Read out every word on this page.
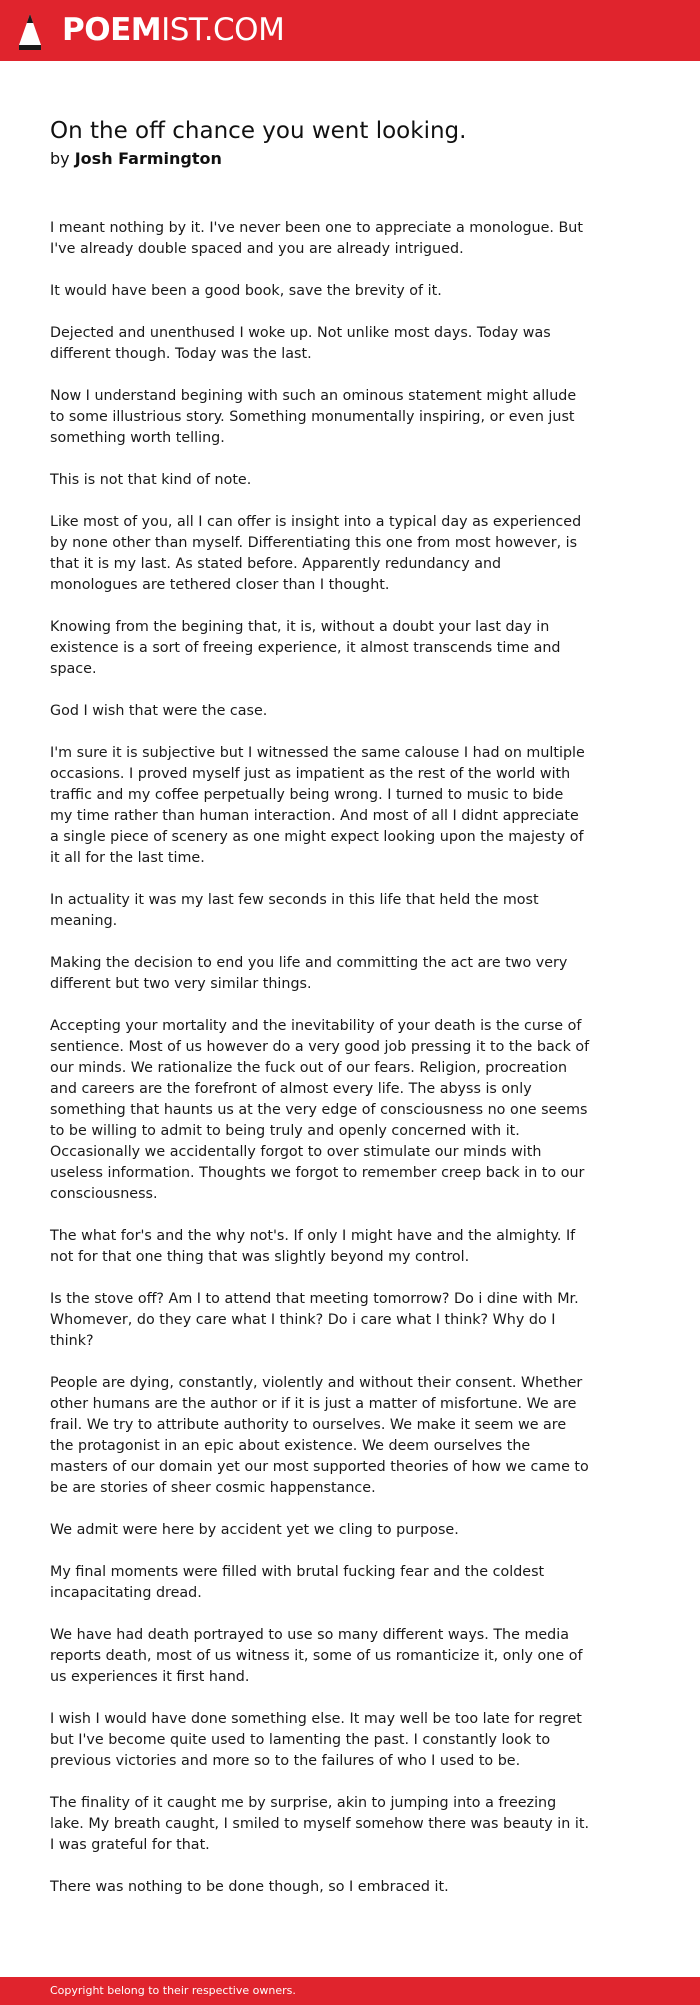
POEMIST.COM
On the off chance you went looking.
by Josh Farmington

I meant nothing by it. I've never been one to appreciate a monologue. But I've already double spaced and you are already intrigued.

It would have been a good book, save the brevity of it.

Dejected and unenthused I woke up. Not unlike most days. Today was different though. Today was the last.

Now I understand begining with such an ominous statement might allude to some illustrious story. Something monumentally inspiring, or even just something worth telling.

This is not that kind of note.

Like most of you, all I can offer is insight into a typical day as experienced by none other than myself. Differentiating this one from most however, is that it is my last. As stated before. Apparently redundancy and monologues are tethered closer than I thought.

Knowing from the begining that, it is, without a doubt your last day in existence is a sort of freeing experience, it almost transcends time and space.

God I wish that were the case.

I'm sure it is subjective but I witnessed the same calouse I had on multiple occasions. I proved myself just as impatient as the rest of the world with traffic and my coffee perpetually being wrong. I turned to music to bide my time rather than human interaction. And most of all I didnt appreciate a single piece of scenery as one might expect looking upon the majesty of it all for the last time.

In actuality it was my last few seconds in this life that held the most meaning.

Making the decision to end you life and committing the act are two very different but two very similar things.

Accepting your mortality and the inevitability of your death is the curse of sentience. Most of us however do a very good job pressing it to the back of our minds. We rationalize the fuck out of our fears. Religion, procreation and careers are the forefront of almost every life. The abyss is only something that haunts us at the very edge of consciousness no one seems to be willing to admit to being truly and openly concerned with it. Occasionally we accidentally forgot to over stimulate our minds with useless information. Thoughts we forgot to remember creep back in to our consciousness.

The what for's and the why not's. If only I might have and the almighty. If not for that one thing that was slightly beyond my control.

Is the stove off? Am I to attend that meeting tomorrow? Do i dine with Mr. Whomever, do they care what I think? Do i care what I think? Why do I think?

People are dying, constantly, violently and without their consent. Whether other humans are the author or if it is just a matter of misfortune. We are frail. We try to attribute authority to ourselves. We make it seem we are the protagonist in an epic about existence. We deem ourselves the masters of our domain yet our most supported theories of how we came to be are stories of sheer cosmic happenstance.

We admit were here by accident yet we cling to purpose.

My final moments were filled with brutal fucking fear and the coldest incapacitating dread.

We have had death portrayed to use so many different ways. The media reports death, most of us witness it, some of us romanticize it, only one of us experiences it first hand.

I wish I would have done something else. It may well be too late for regret but I've become quite used to lamenting the past. I constantly look to previous victories and more so to the failures of who I used to be.

The finality of it caught me by surprise, akin to jumping into a freezing lake. My breath caught, I smiled to myself somehow there was beauty in it. I was grateful for that.

There was nothing to be done though, so I embraced it.

Copyright belong to their respective owners.
